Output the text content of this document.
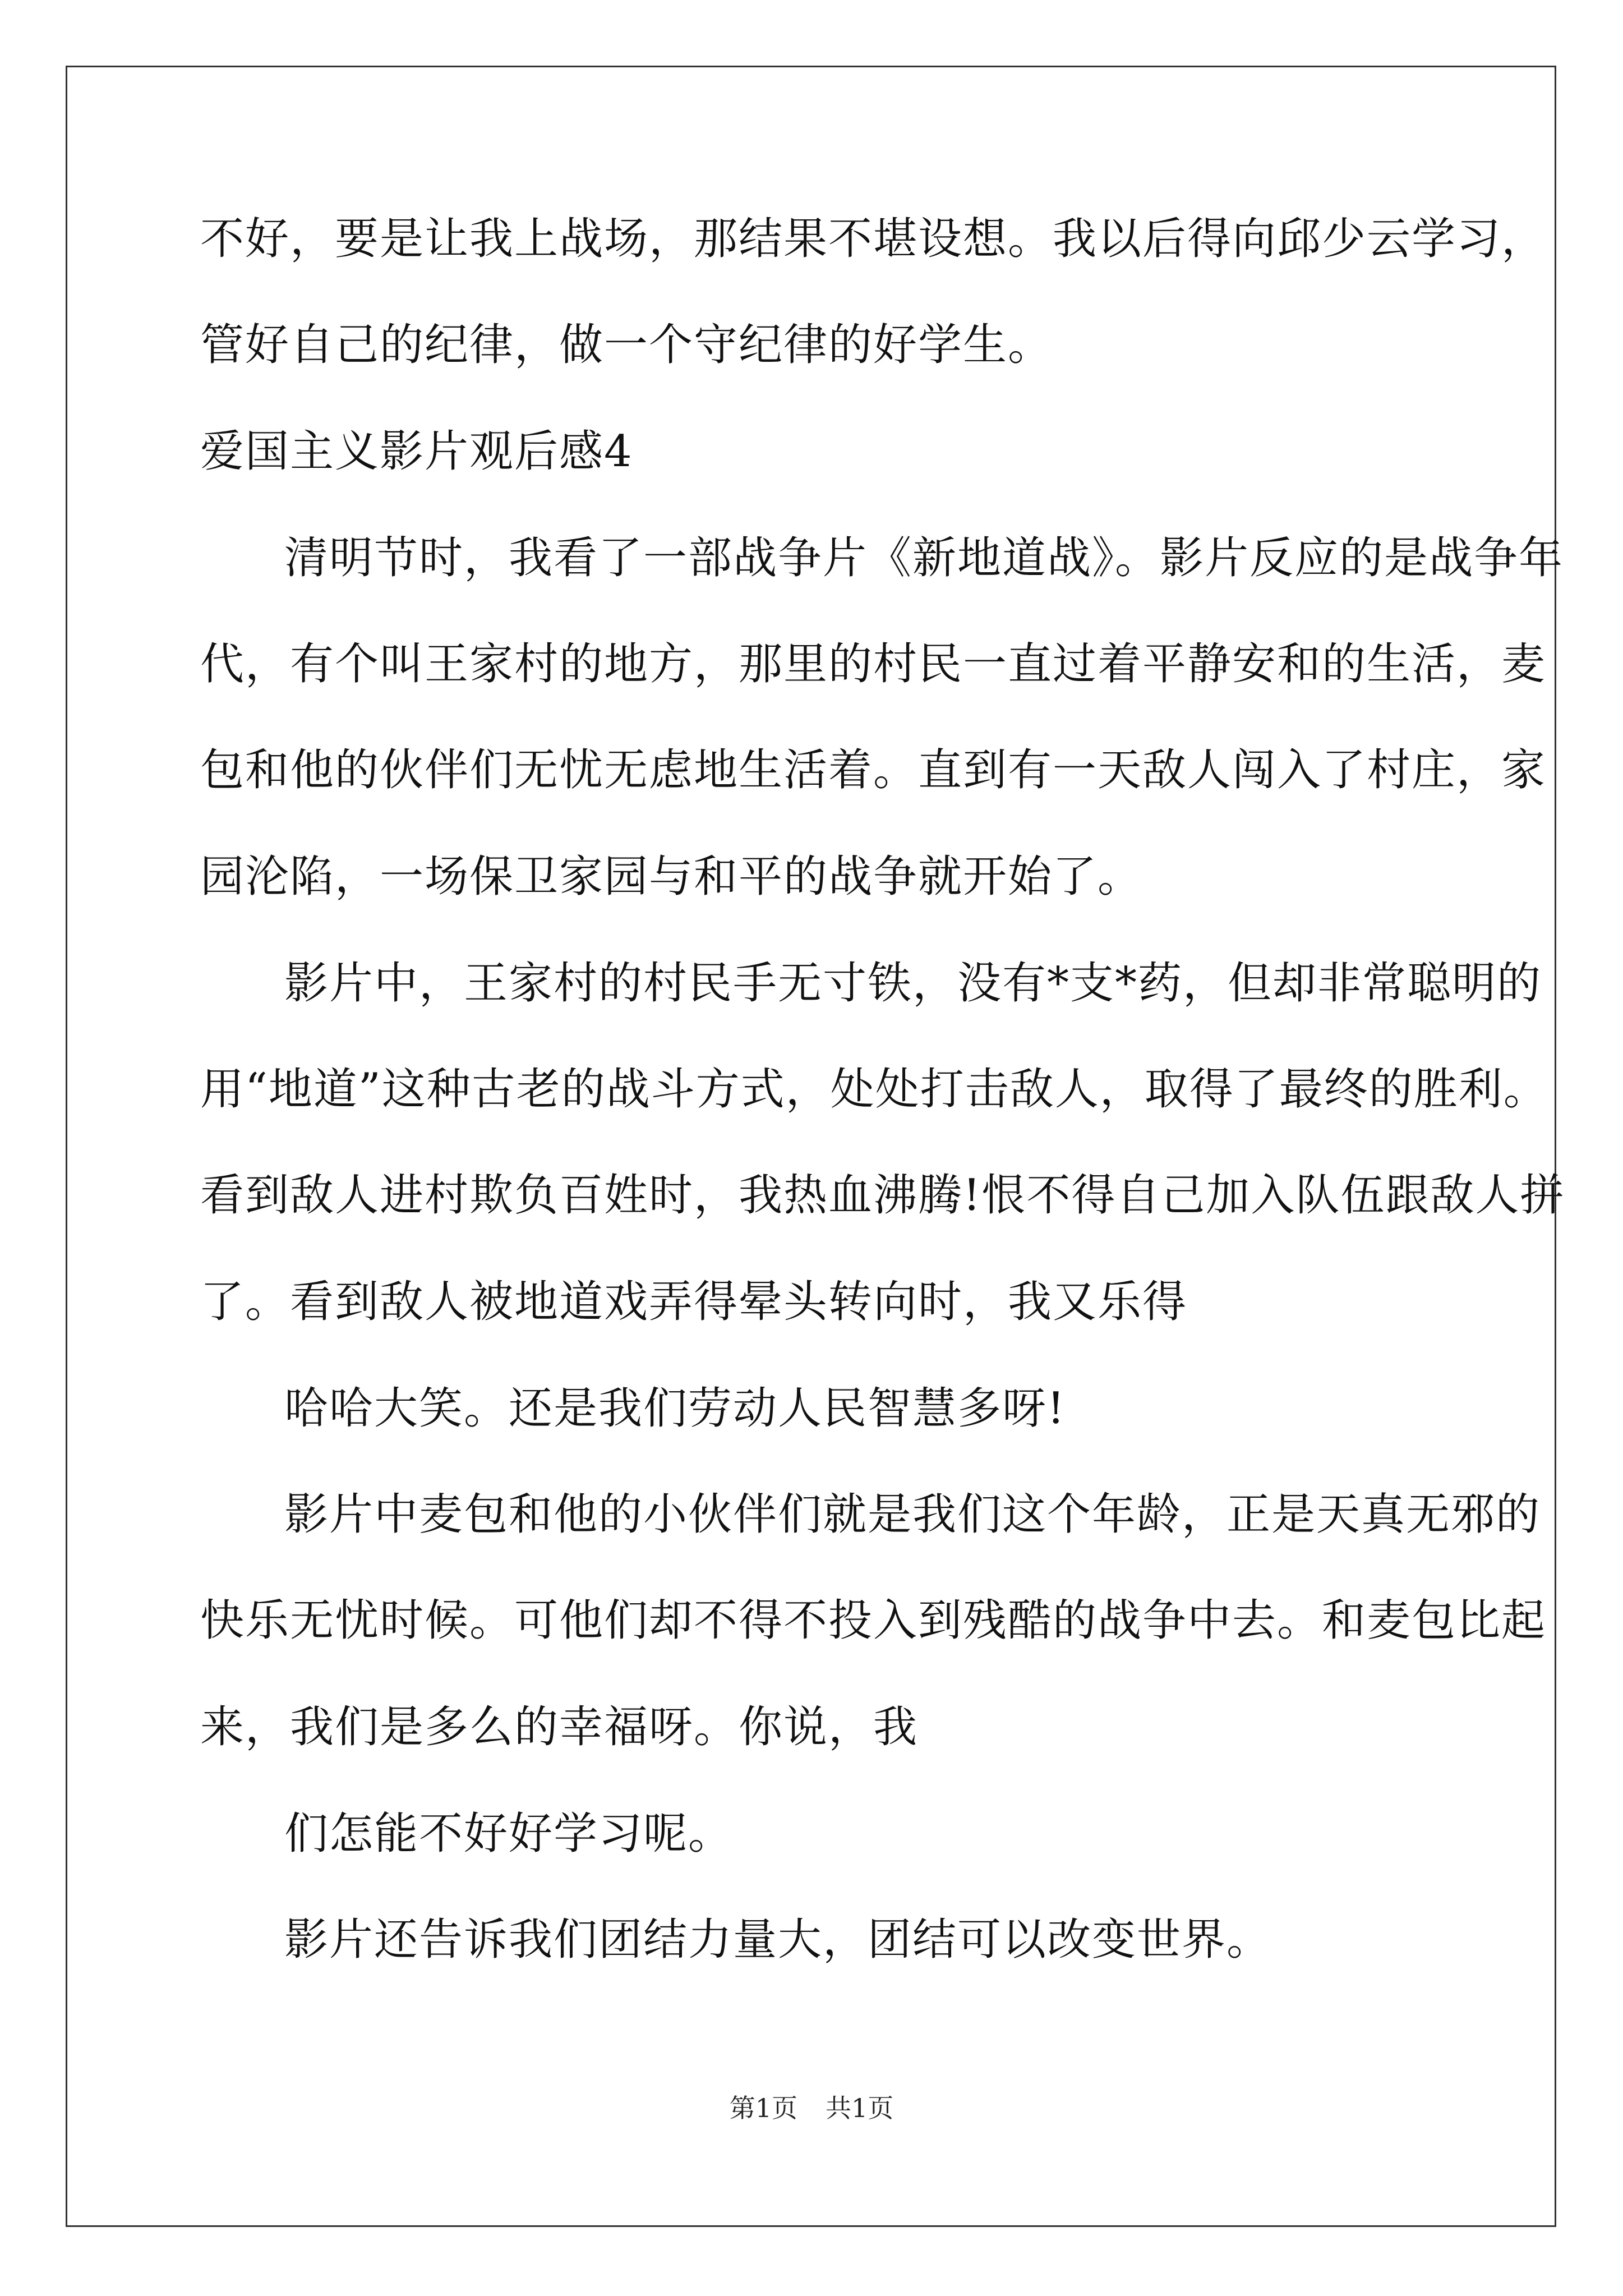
不好，要是让我上战场，那结果不堪设想。我以后得向邱少云学习，
管好自己的纪律，做一个守纪律的好学生。
爱国主义影片观后感4
清明节时，我看了一部战争片《新地道战》。影片反应的是战争年
代，有个叫王家村的地方，那里的村民一直过着平静安和的生活，麦
包和他的伙伴们无忧无虑地生活着。直到有一天敌人闯入了村庄，家
园沦陷，一场保卫家园与和平的战争就开始了。
影片中，王家村的村民手无寸铁，没有*支*药，但却非常聪明的
用“地道”这种古老的战斗方式，处处打击敌人，取得了最终的胜利。
看到敌人进村欺负百姓时，我热血沸腾!恨不得自己加入队伍跟敌人拼
了。看到敌人被地道戏弄得晕头转向时，我又乐得
哈哈大笑。还是我们劳动人民智慧多呀!
影片中麦包和他的小伙伴们就是我们这个年龄，正是天真无邪的
快乐无忧时候。可他们却不得不投入到残酷的战争中去。和麦包比起
来，我们是多么的幸福呀。你说，我
们怎能不好好学习呢。
影片还告诉我们团结力量大，团结可以改变世界。
第1页 共1页
